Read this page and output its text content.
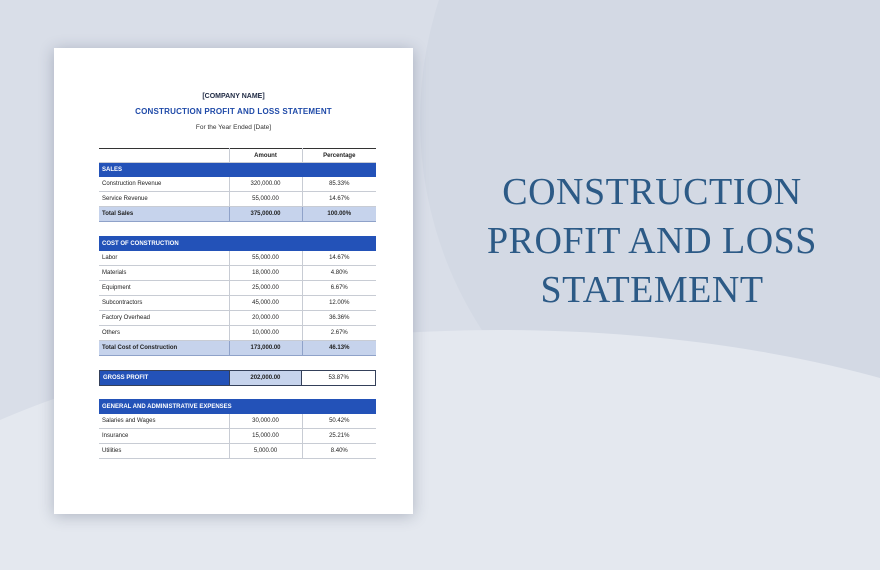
[COMPANY NAME]
CONSTRUCTION PROFIT AND LOSS STATEMENT
For the Year Ended [Date]
	Amount	Percentage
SALES		
Construction Revenue	320,000.00	85.33%
Service Revenue	55,000.00	14.67%
Total Sales	375,000.00	100.00%
COST OF CONSTRUCTION		
Labor	55,000.00	14.67%
Materials	18,000.00	4.80%
Equipment	25,000.00	6.67%
Subcontractors	45,000.00	12.00%
Factory Overhead	20,000.00	36.36%
Others	10,000.00	2.67%
Total Cost of Construction	173,000.00	46.13%
GROSS PROFIT	202,000.00	53.87%
GENERAL AND ADMINISTRATIVE EXPENSES		
Salaries and Wages	30,000.00	50.42%
Insurance	15,000.00	25.21%
Utilities	5,000.00	8.40%
CONSTRUCTION
PROFIT AND LOSS
STATEMENT
